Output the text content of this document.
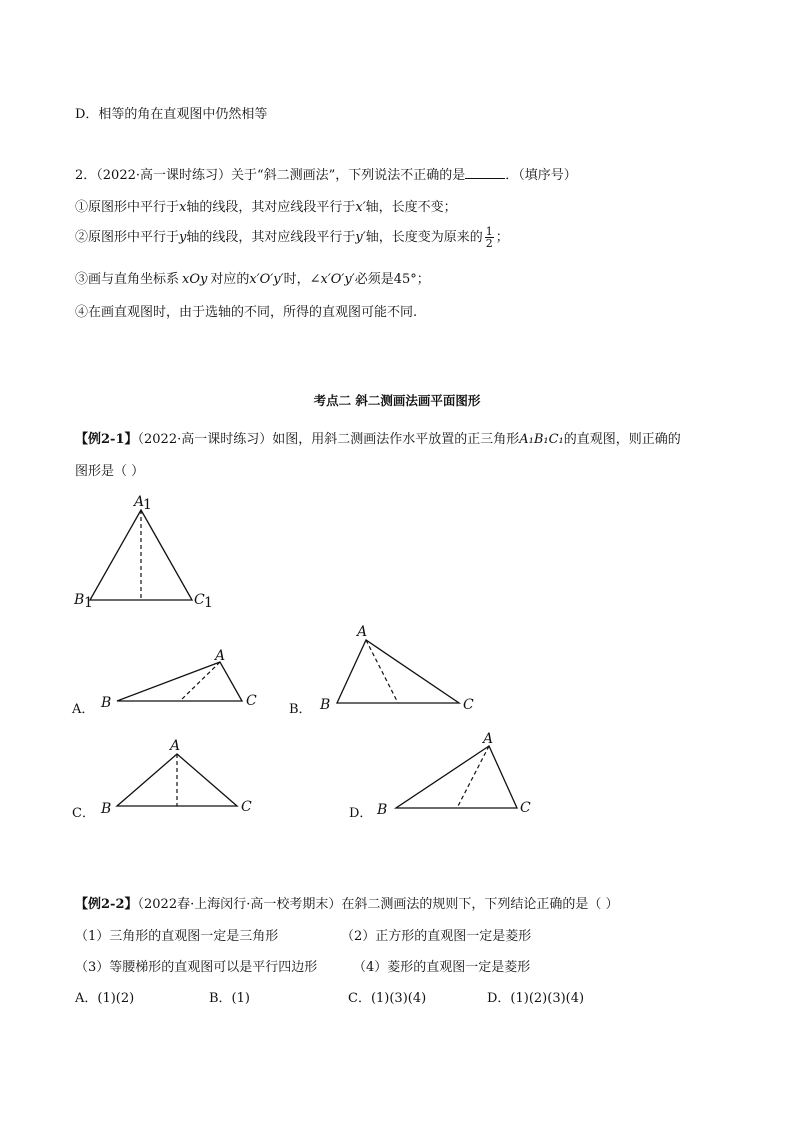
D．相等的角在直观图中仍然相等
2．（2022·高一课时练习）关于“斜二测画法”，下列说法不正确的是	．（填序号）
①原图形中平行于x轴的线段，其对应线段平行于x′轴，长度不变；
②原图形中平行于y轴的线段，其对应线段平行于y′轴，长度变为原来的 $\frac{1}{2}$ ；
③画与直角坐标系 xOy 对应的x′O′y′时，∠x′O′y′必须是45°；
④在画直观图时，由于选轴的不同，所得的直观图可能不同.
考点二 斜二测画法画平面图形
【例2-1】（2022·高一课时练习）如图，用斜二测画法作水平放置的正三角形A₁B₁C₁的直观图，则正确的
图形是（ ）
A
1
B 1	C 1
A
B	C
A
B	C
A
B	C
A
B	C
A．	B．
C．	D．
【例2-2】（2022春·上海闵行·高一校考期末）在斜二测画法的规则下，下列结论正确的是（ ）
（1）三角形的直观图一定是三角形	（2）正方形的直观图一定是菱形
（3）等腰梯形的直观图可以是平行四边形	（4）菱形的直观图一定是菱形
A．(1)(2)	B．(1)	C．(1)(3)(4)	D．(1)(2)(3)(4)
